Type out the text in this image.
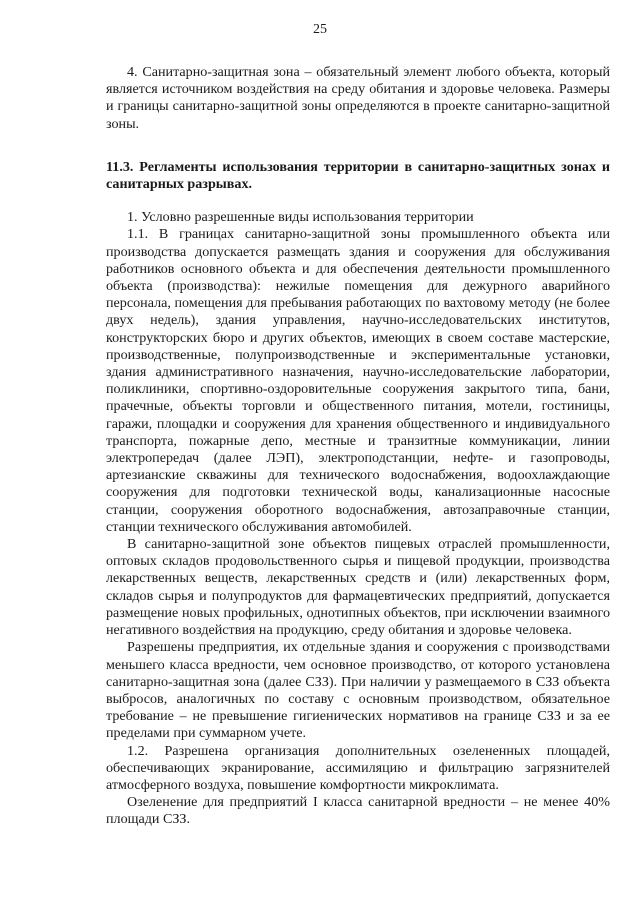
25

4. Санитарно-защитная зона – обязательный элемент любого объекта, который является источником воздействия на среду обитания и здоровье человека. Размеры и границы санитарно-защитной зоны определяются в проекте санитарно-защитной зоны.

11.3. Регламенты использования территории в санитарно-защитных зонах и санитарных разрывах.

1. Условно разрешенные виды использования территории

1.1. В границах санитарно-защитной зоны промышленного объекта или производства допускается размещать здания и сооружения для обслуживания работников основного объекта и для обеспечения деятельности промышленного объекта (производства): нежилые помещения для дежурного аварийного персонала, помещения для пребывания работающих по вахтовому методу (не более двух недель), здания управления, научно-исследовательских институтов, конструкторских бюро и других объектов, имеющих в своем составе мастерские, производственные, полупроизводственные и экспериментальные установки, здания административного назначения, научно-исследовательские лаборатории, поликлиники, спортивно-оздоровительные сооружения закрытого типа, бани, прачечные, объекты торговли и общественного питания, мотели, гостиницы, гаражи, площадки и сооружения для хранения общественного и индивидуального транспорта, пожарные депо, местные и транзитные коммуникации, линии электропередач (далее ЛЭП), электроподстанции, нефте- и газопроводы, артезианские скважины для технического водоснабжения, водоохлаждающие сооружения для подготовки технической воды, канализационные насосные станции, сооружения оборотного водоснабжения, автозаправочные станции, станции технического обслуживания автомобилей.

В санитарно-защитной зоне объектов пищевых отраслей промышленности, оптовых складов продовольственного сырья и пищевой продукции, производства лекарственных веществ, лекарственных средств и (или) лекарственных форм, складов сырья и полупродуктов для фармацевтических предприятий, допускается размещение новых профильных, однотипных объектов, при исключении взаимного негативного воздействия на продукцию, среду обитания и здоровье человека.

Разрешены предприятия, их отдельные здания и сооружения с производствами меньшего класса вредности, чем основное производство, от которого установлена санитарно-защитная зона (далее СЗЗ). При наличии у размещаемого в СЗЗ объекта выбросов, аналогичных по составу с основным производством, обязательное требование – не превышение гигиенических нормативов на границе СЗЗ и за ее пределами при суммарном учете.

1.2. Разрешена организация дополнительных озелененных площадей, обеспечивающих экранирование, ассимиляцию и фильтрацию загрязнителей атмосферного воздуха, повышение комфортности микроклимата.

Озеленение для предприятий I класса санитарной вредности – не менее 40% площади СЗЗ.
